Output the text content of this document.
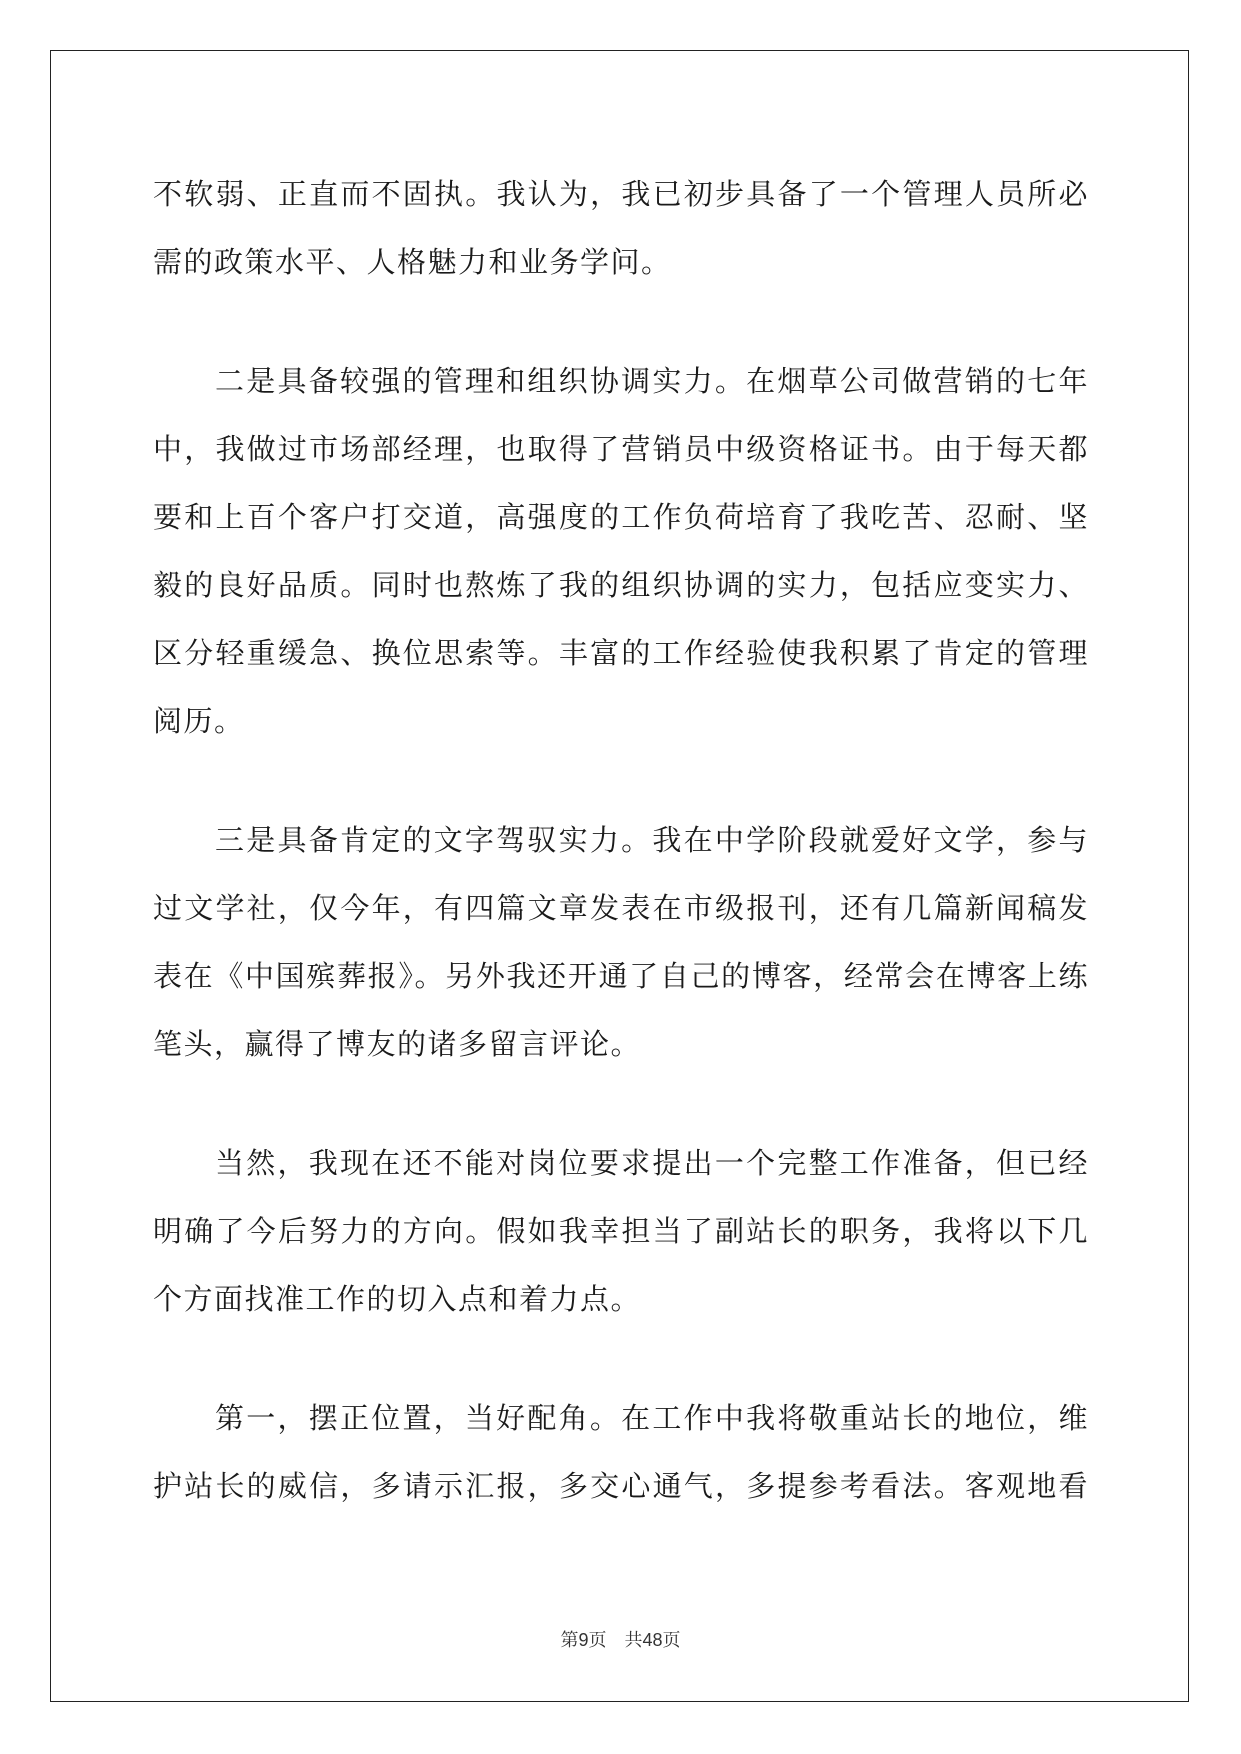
不软弱、正直而不固执。我认为，我已初步具备了一个管理人员所必
需的政策水平、人格魅力和业务学问。
二是具备较强的管理和组织协调实力。在烟草公司做营销的七年
中，我做过市场部经理，也取得了营销员中级资格证书。由于每天都
要和上百个客户打交道，高强度的工作负荷培育了我吃苦、忍耐、坚
毅的良好品质。同时也熬炼了我的组织协调的实力，包括应变实力、
区分轻重缓急、换位思索等。丰富的工作经验使我积累了肯定的管理
阅历。
三是具备肯定的文字驾驭实力。我在中学阶段就爱好文学，参与
过文学社，仅今年，有四篇文章发表在市级报刊，还有几篇新闻稿发
表在《中国殡葬报》。另外我还开通了自己的博客，经常会在博客上练
笔头，赢得了博友的诸多留言评论。
当然，我现在还不能对岗位要求提出一个完整工作准备，但已经
明确了今后努力的方向。假如我幸担当了副站长的职务，我将以下几
个方面找准工作的切入点和着力点。
第一，摆正位置，当好配角。在工作中我将敬重站长的地位，维
护站长的威信，多请示汇报，多交心通气，多提参考看法。客观地看
第9页　共48页
